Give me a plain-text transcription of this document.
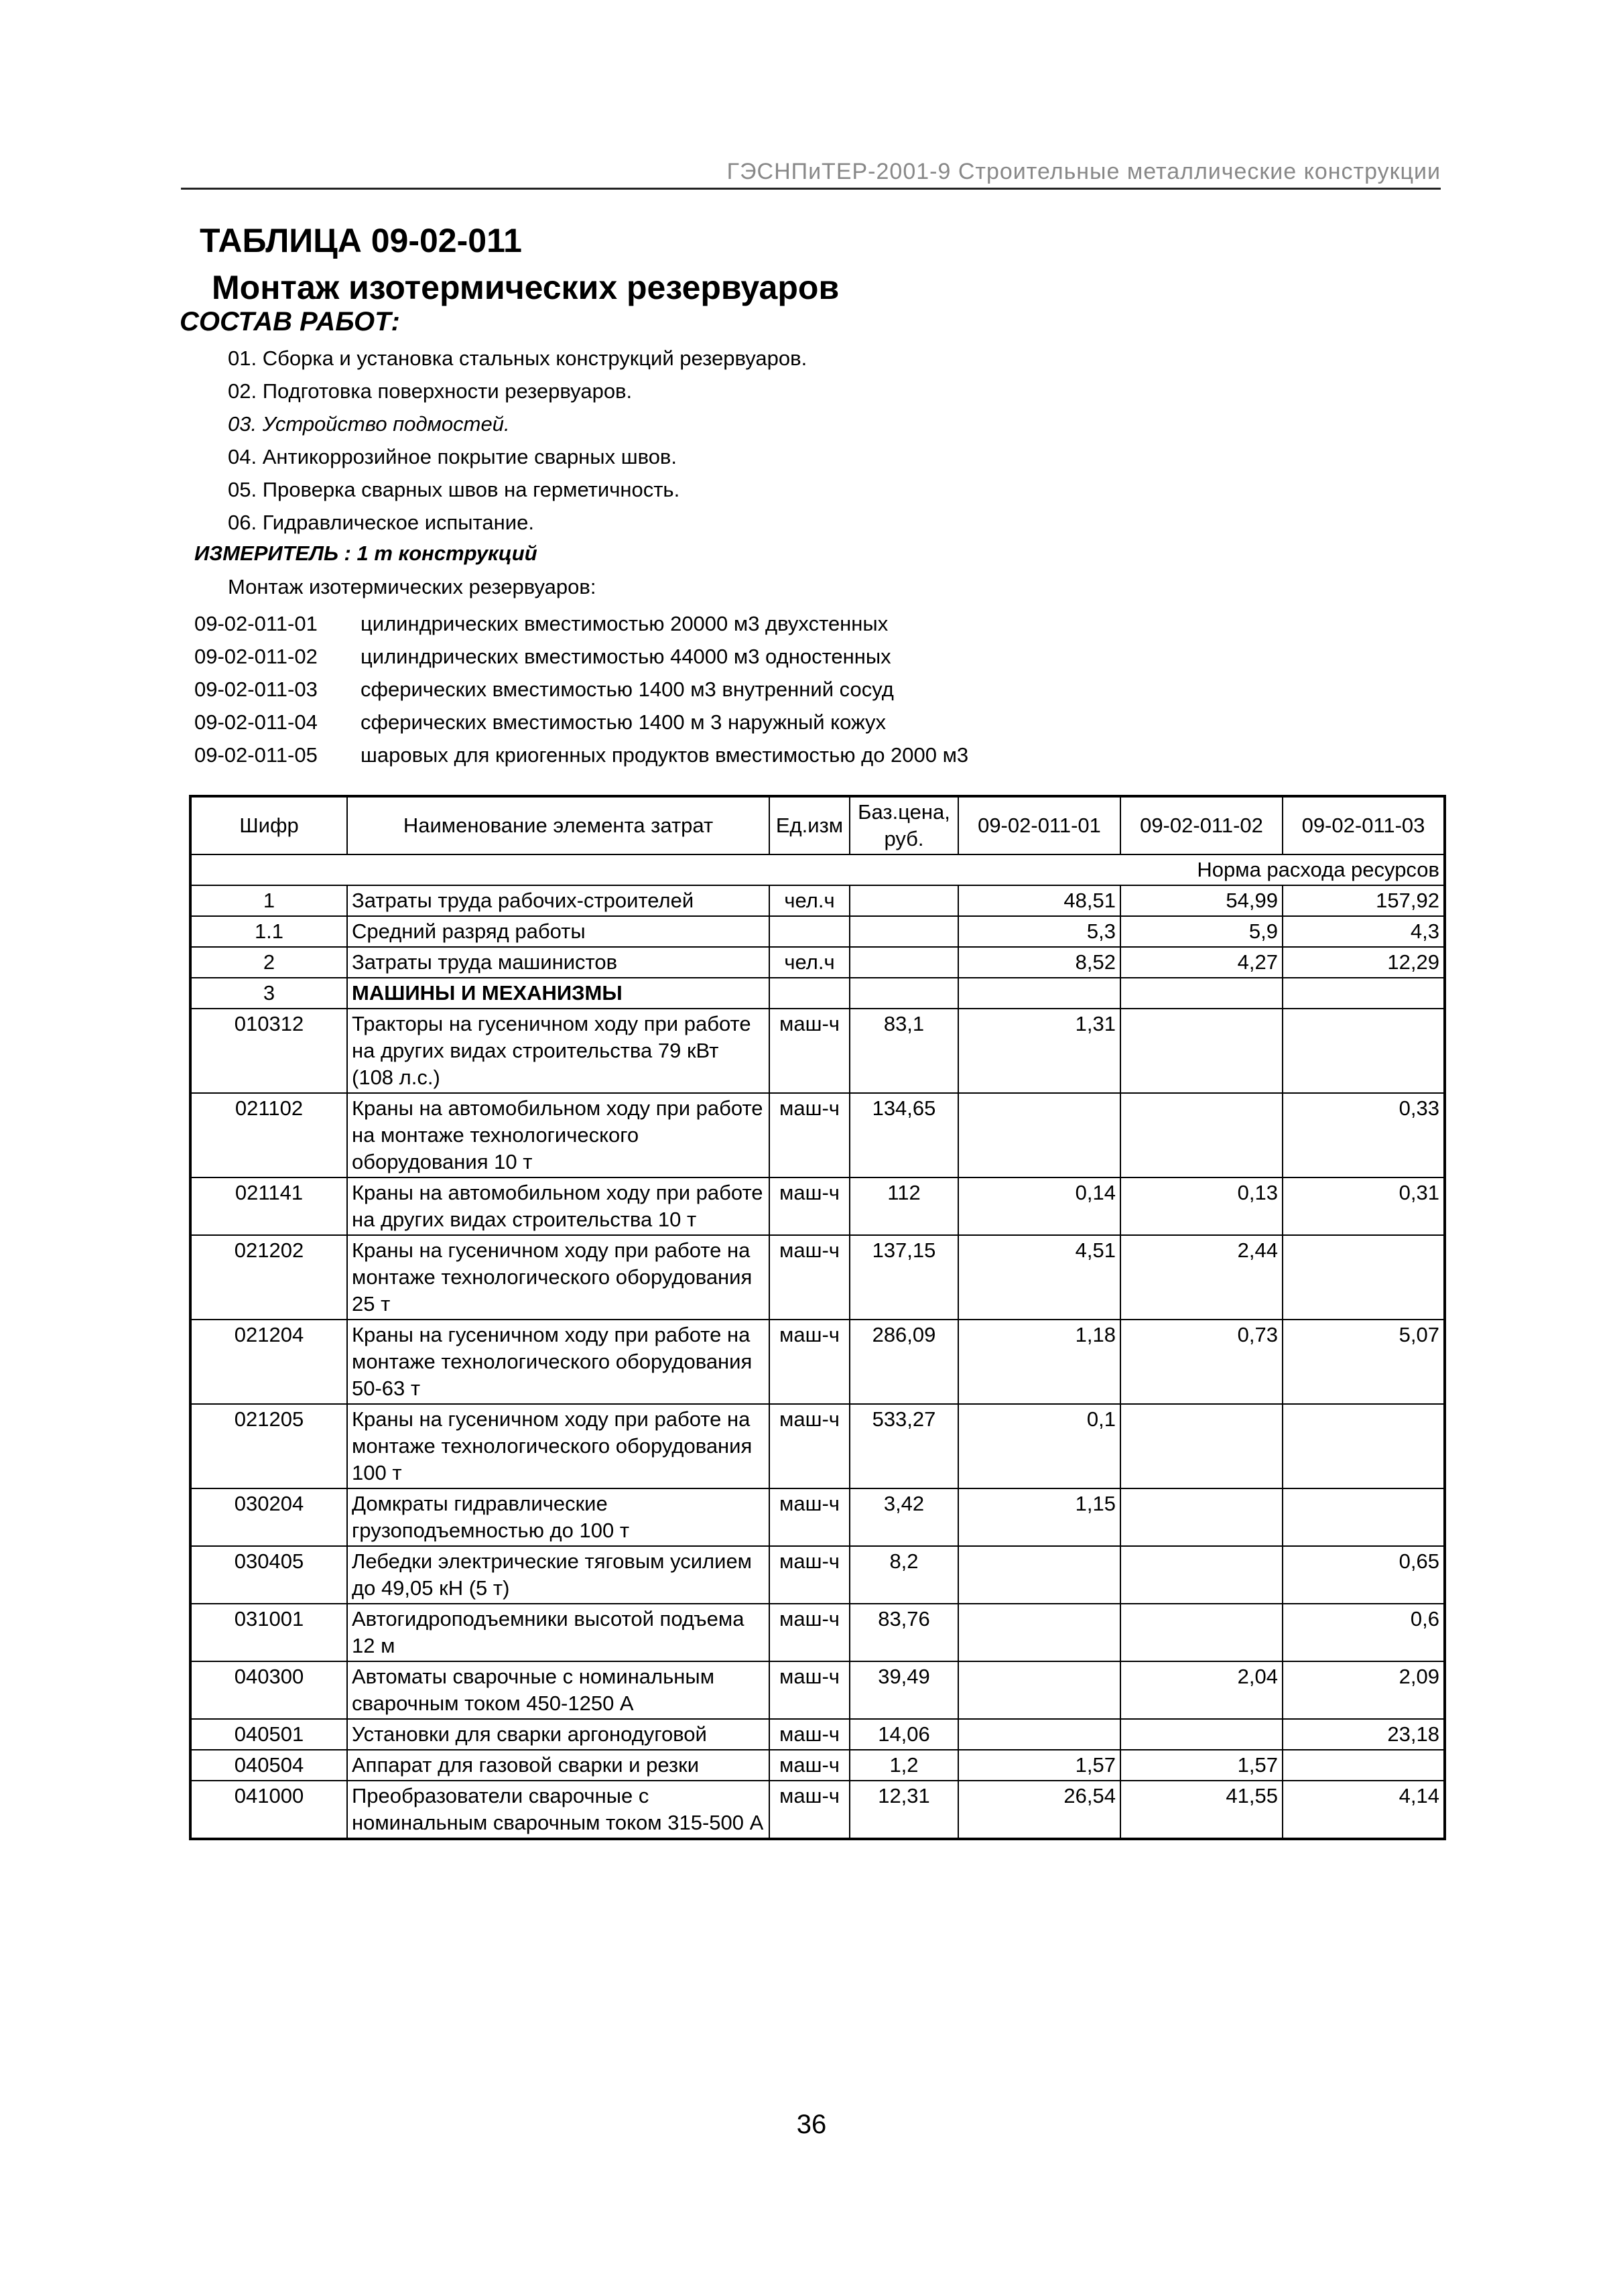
ГЭСНПиТЕР-2001-9 Строительные металлические конструкции
ТАБЛИЦА 09-02-011
Монтаж изотермических резервуаров
СОСТАВ РАБОТ:
01. Сборка и установка стальных конструкций резервуаров.
02. Подготовка поверхности резервуаров.
03. Устройство подмостей.
04. Антикоррозийное покрытие сварных швов.
05. Проверка сварных швов на герметичность.
06. Гидравлическое испытание.
ИЗМЕРИТЕЛЬ : 1 т конструкций
Монтаж изотермических резервуаров:
09-02-011-01 цилиндрических вместимостью 20000 м3 двухстенных
09-02-011-02 цилиндрических вместимостью 44000 м3 одностенных
09-02-011-03 сферических вместимостью 1400 м3 внутренний сосуд
09-02-011-04 сферических вместимостью 1400 м 3 наружный кожух
09-02-011-05 шаровых для криогенных продуктов вместимостью до 2000 м3
Шифр	Наименование элемента затрат	Ед.изм	Баз.цена, руб.	09-02-011-01	09-02-011-02	09-02-011-03
Норма расхода ресурсов						
1	Затраты труда рабочих-строителей	чел.ч		48,51	54,99	157,92
1.1	Средний разряд работы			5,3	5,9	4,3
2	Затраты труда машинистов	чел.ч		8,52	4,27	12,29
3	МАШИНЫ И МЕХАНИЗМЫ					
010312	Тракторы на гусеничном ходу при работе на других видах строительства 79 кВт (108 л.с.)	маш-ч	83,1	1,31		
021102	Краны на автомобильном ходу при работе на монтаже технологического оборудования 10 т	маш-ч	134,65			0,33
021141	Краны на автомобильном ходу при работе на других видах строительства 10 т	маш-ч	112	0,14	0,13	0,31
021202	Краны на гусеничном ходу при работе на монтаже технологического оборудования 25 т	маш-ч	137,15	4,51	2,44	
021204	Краны на гусеничном ходу при работе на монтаже технологического оборудования 50-63 т	маш-ч	286,09	1,18	0,73	5,07
021205	Краны на гусеничном ходу при работе на монтаже технологического оборудования 100 т	маш-ч	533,27	0,1		
030204	Домкраты гидравлические грузоподъемностью до 100 т	маш-ч	3,42	1,15		
030405	Лебедки электрические тяговым усилием до 49,05 кН (5 т)	маш-ч	8,2			0,65
031001	Автогидроподъемники высотой подъема 12 м	маш-ч	83,76			0,6
040300	Автоматы сварочные с номинальным сварочным током 450-1250 А	маш-ч	39,49		2,04	2,09
040501	Установки для сварки аргонодуговой	маш-ч	14,06			23,18
040504	Аппарат для газовой сварки и резки	маш-ч	1,2	1,57	1,57	
041000	Преобразователи сварочные с номинальным сварочным током 315-500 А	маш-ч	12,31	26,54	41,55	4,14
36
